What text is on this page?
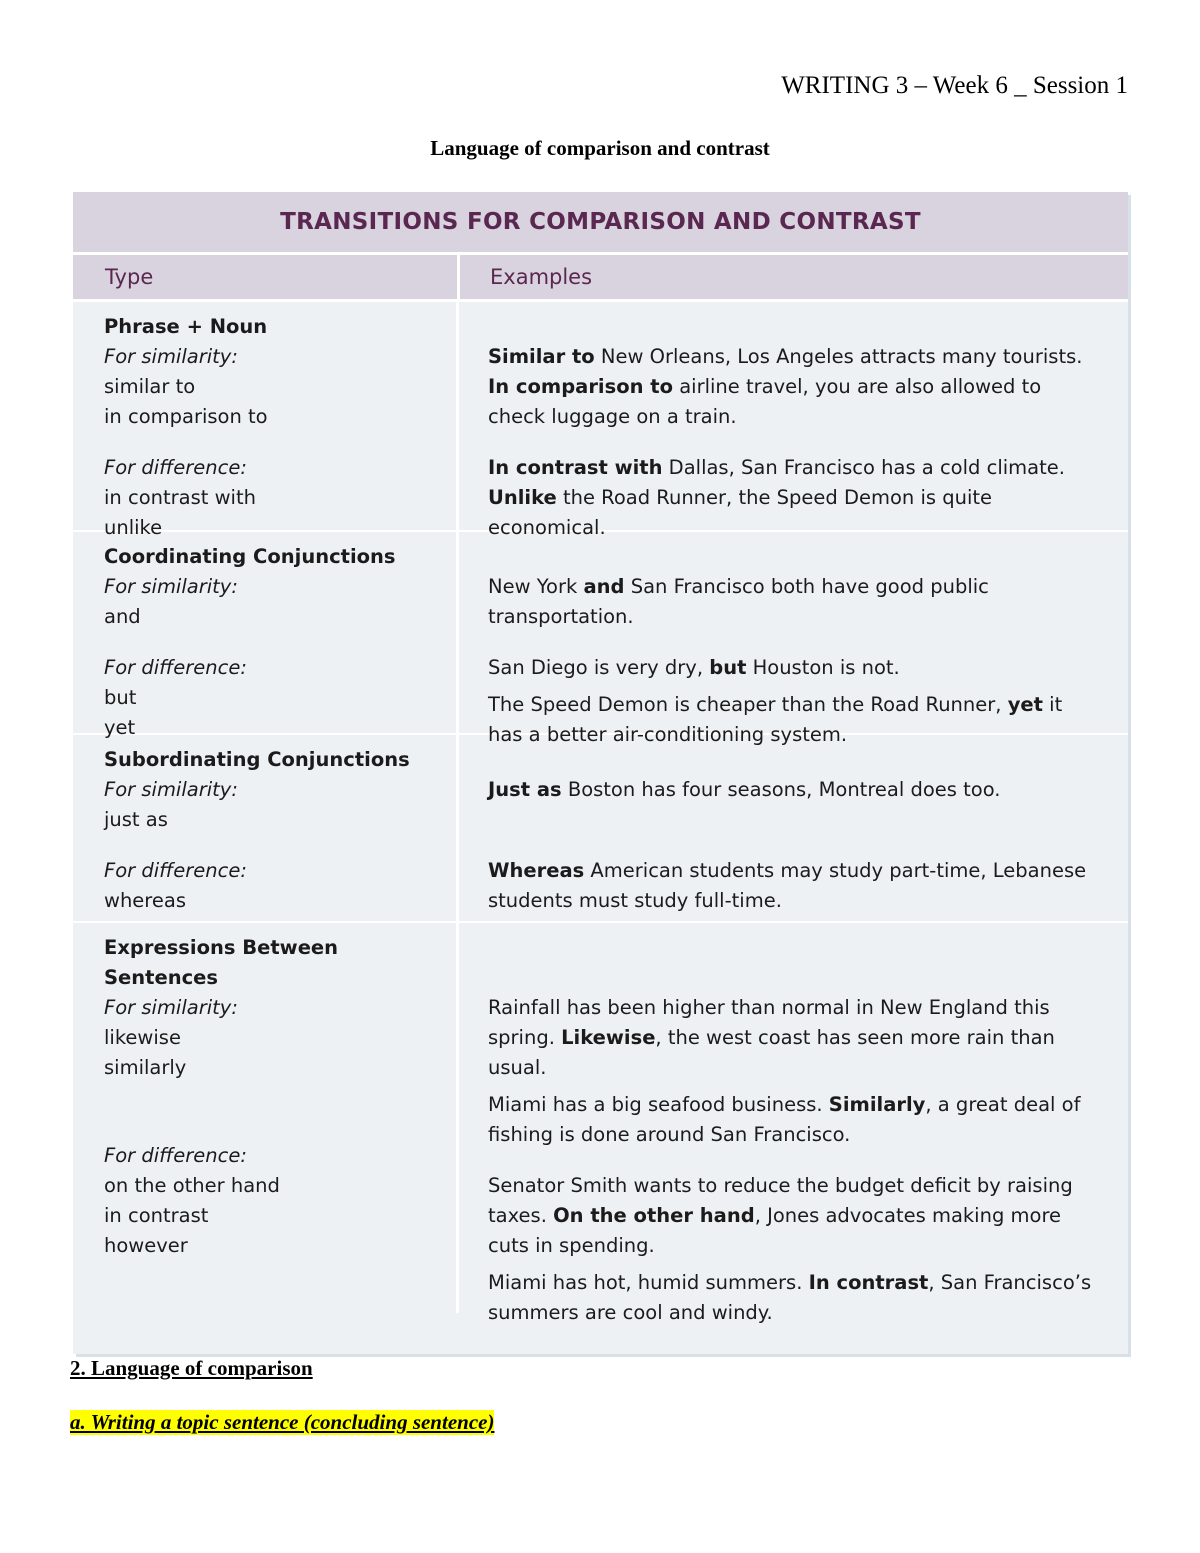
WRITING 3 – Week 6 _ Session 1
Language of comparison and contrast
TRANSITIONS FOR COMPARISON AND CONTRAST
Type	Examples
Phrase + Noun
For similarity:
similar to
in comparison to
For difference:
in contrast with
unlike
Similar to New Orleans, Los Angeles attracts many tourists.
In comparison to airline travel, you are also allowed to check luggage on a train.
In contrast with Dallas, San Francisco has a cold climate.
Unlike the Road Runner, the Speed Demon is quite economical.
Coordinating Conjunctions
For similarity:
and
For difference:
but
yet
New York and San Francisco both have good public transportation.
San Diego is very dry, but Houston is not.
The Speed Demon is cheaper than the Road Runner, yet it has a better air-conditioning system.
Subordinating Conjunctions
For similarity:
just as
For difference:
whereas
Just as Boston has four seasons, Montreal does too.
Whereas American students may study part-time, Lebanese students must study full-time.
Expressions Between Sentences
For similarity:
likewise
similarly
For difference:
on the other hand
in contrast
however
Rainfall has been higher than normal in New England this spring. Likewise, the west coast has seen more rain than usual.
Miami has a big seafood business. Similarly, a great deal of fishing is done around San Francisco.
Senator Smith wants to reduce the budget deficit by raising taxes. On the other hand, Jones advocates making more cuts in spending.
Miami has hot, humid summers. In contrast, San Francisco’s summers are cool and windy.
2. Language of comparison
a. Writing a topic sentence (concluding sentence)
